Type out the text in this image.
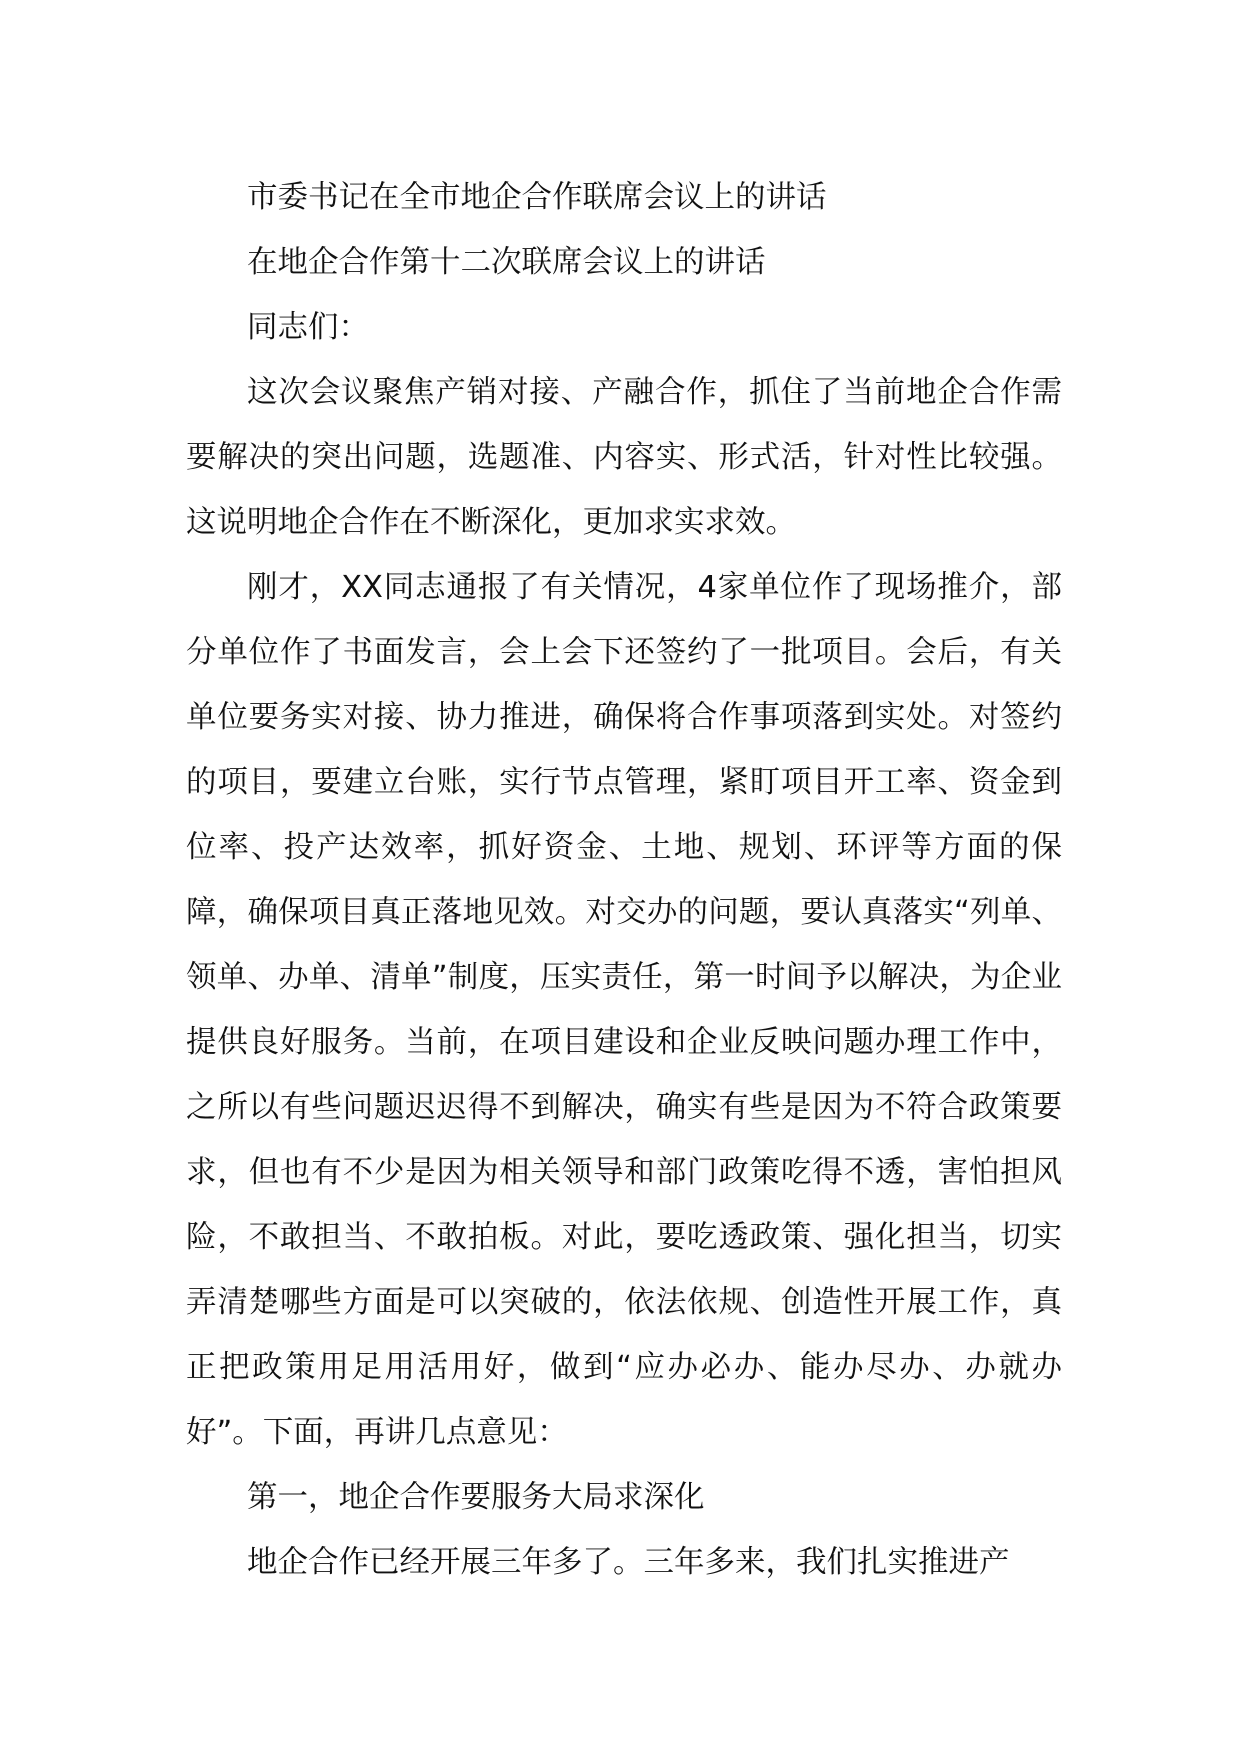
市委书记在全市地企合作联席会议上的讲话

在地企合作第十二次联席会议上的讲话

同志们：

这次会议聚焦产销对接、产融合作，抓住了当前地企合作需要解决的突出问题，选题准、内容实、形式活，针对性比较强。这说明地企合作在不断深化，更加求实求效。

刚才，XX同志通报了有关情况，4家单位作了现场推介，部分单位作了书面发言，会上会下还签约了一批项目。会后，有关单位要务实对接、协力推进，确保将合作事项落到实处。对签约的项目，要建立台账，实行节点管理，紧盯项目开工率、资金到位率、投产达效率，抓好资金、土地、规划、环评等方面的保障，确保项目真正落地见效。对交办的问题，要认真落实“列单、领单、办单、清单”制度，压实责任，第一时间予以解决，为企业提供良好服务。当前，在项目建设和企业反映问题办理工作中，之所以有些问题迟迟得不到解决，确实有些是因为不符合政策要求，但也有不少是因为相关领导和部门政策吃得不透，害怕担风险，不敢担当、不敢拍板。对此，要吃透政策、强化担当，切实弄清楚哪些方面是可以突破的，依法依规、创造性开展工作，真正把政策用足用活用好，做到“应办必办、能办尽办、办就办好”。下面，再讲几点意见：

第一，地企合作要服务大局求深化

地企合作已经开展三年多了。三年多来，我们扎实推进产
